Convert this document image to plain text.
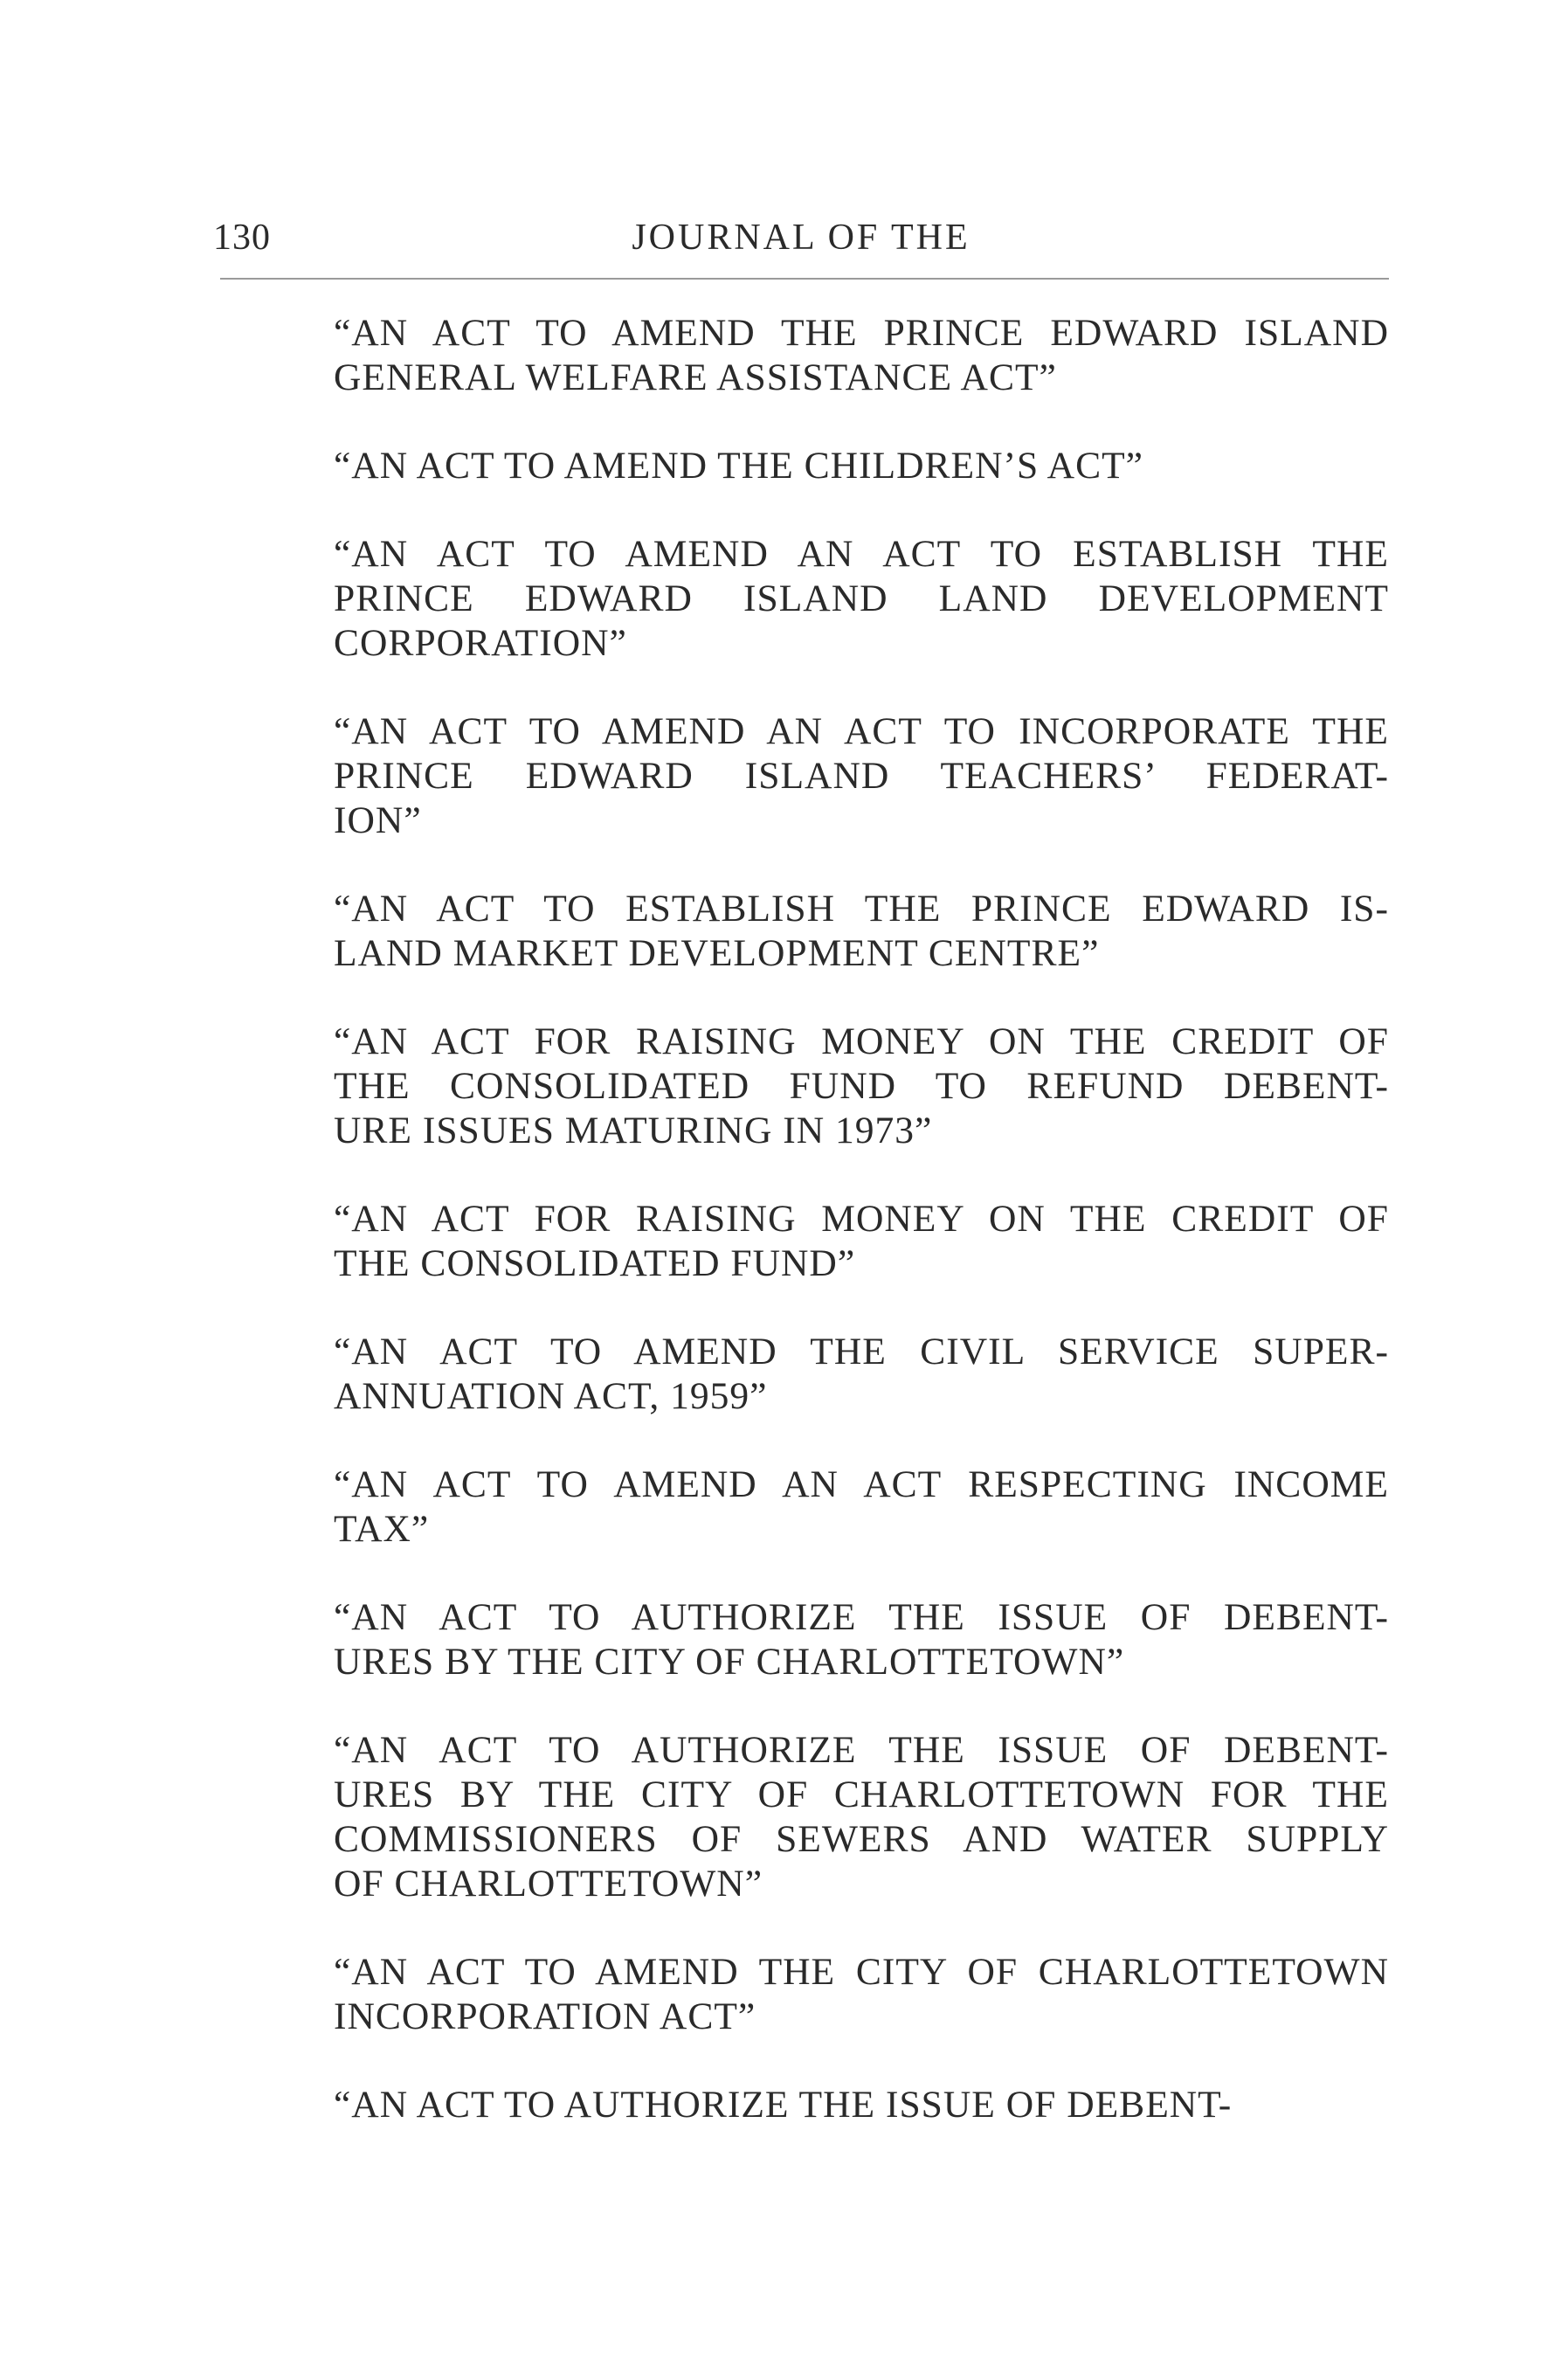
130	JOURNAL OF THE
“AN ACT TO AMEND THE PRINCE EDWARD ISLAND
GENERAL WELFARE ASSISTANCE ACT”
“AN ACT TO AMEND THE CHILDREN’S ACT”
“AN ACT TO AMEND AN ACT TO ESTABLISH THE
PRINCE EDWARD ISLAND LAND DEVELOPMENT
CORPORATION”
“AN ACT TO AMEND AN ACT TO INCORPORATE THE
PRINCE EDWARD ISLAND TEACHERS’ FEDERAT-
ION”
“AN ACT TO ESTABLISH THE PRINCE EDWARD IS-
LAND MARKET DEVELOPMENT CENTRE”
“AN ACT FOR RAISING MONEY ON THE CREDIT OF
THE CONSOLIDATED FUND TO REFUND DEBENT-
URE ISSUES MATURING IN 1973”
“AN ACT FOR RAISING MONEY ON THE CREDIT OF
THE CONSOLIDATED FUND”
“AN ACT TO AMEND THE CIVIL SERVICE SUPER-
ANNUATION ACT, 1959”
“AN ACT TO AMEND AN ACT RESPECTING INCOME
TAX”
“AN ACT TO AUTHORIZE THE ISSUE OF DEBENT-
URES BY THE CITY OF CHARLOTTETOWN”
“AN ACT TO AUTHORIZE THE ISSUE OF DEBENT-
URES BY THE CITY OF CHARLOTTETOWN FOR THE
COMMISSIONERS OF SEWERS AND WATER SUPPLY
OF CHARLOTTETOWN”
“AN ACT TO AMEND THE CITY OF CHARLOTTETOWN
INCORPORATION ACT”
“AN ACT TO AUTHORIZE THE ISSUE OF DEBENT-
